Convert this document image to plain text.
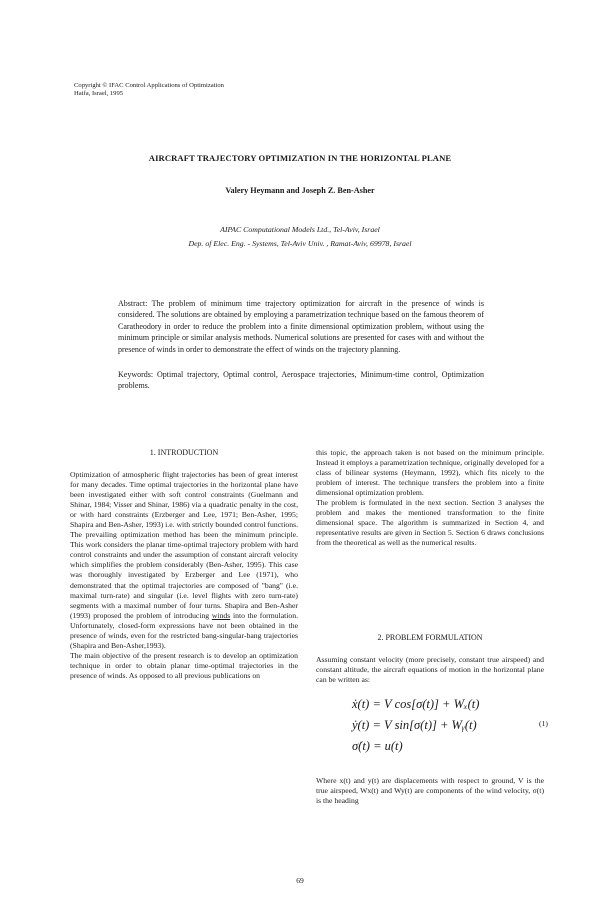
Copyright © IFAC Control Applications of Optimization
Haifa, Israel, 1995
AIRCRAFT TRAJECTORY OPTIMIZATION IN THE HORIZONTAL PLANE
Valery Heymann and Joseph Z. Ben-Asher
AIPAC Computational Models Ltd., Tel-Aviv, Israel
Dep. of Elec. Eng. - Systems, Tel-Aviv Univ. , Ramat-Aviv, 69978, Israel
Abstract: The problem of minimum time trajectory optimization for aircraft in the presence of winds is considered. The solutions are obtained by employing a parametrization technique based on the famous theorem of Caratheodory in order to reduce the problem into a finite dimensional optimization problem, without using the minimum principle or similar analysis methods. Numerical solutions are presented for cases with and without the presence of winds in order to demonstrate the effect of winds on the trajectory planning.
Keywords: Optimal trajectory, Optimal control, Aerospace trajectories, Minimum-time control, Optimization problems.
1. INTRODUCTION

Optimization of atmospheric flight trajectories has been of great interest for many decades. Time optimal trajectories in the horizontal plane have been investigated either with soft control constraints (Guelmann and Shinar, 1984; Visser and Shinar, 1986) via a quadratic penalty in the cost, or with hard constraints (Erzberger and Lee, 1971; Ben-Asher, 1995; Shapira and Ben-Asher, 1993) i.e. with strictly bounded control functions. The prevailing optimization method has been the minimum principle. This work considers the planar time-optimal trajectory problem with hard control constraints and under the assumption of constant aircraft velocity which simplifies the problem considerably (Ben-Asher, 1995). This case was thoroughly investigated by Erzberger and Lee (1971), who demonstrated that the optimal trajectories are composed of "bang" (i.e. maximal turn-rate) and singular (i.e. level flights with zero turn-rate) segments with a maximal number of four turns. Shapira and Ben-Asher (1993) proposed the problem of introducing winds into the formulation. Unfortunately, closed-form expressions have not been obtained in the presence of winds, even for the restricted bang-singular-bang trajectories (Shapira and Ben-Asher,1993).

The main objective of the present research is to develop an optimization technique in order to obtain planar time-optimal trajectories in the presence of winds. As opposed to all previous publications on

this topic, the approach taken is not based on the minimum principle. Instead it employs a parametrization technique, originally developed for a class of bilinear systems (Heymann, 1992), which fits nicely to the problem of interest. The technique transfers the problem into a finite dimensional optimization problem.

The problem is formulated in the next section. Section 3 analyses the problem and makes the mentioned transformation to the finite dimensional space. The algorithm is summarized in Section 4, and representative results are given in Section 5. Section 6 draws conclusions from the theoretical as well as the numerical results.

2. PROBLEM FORMULATION

Assuming constant velocity (more precisely, constant true airspeed) and constant altitude, the aircraft equations of motion in the horizontal plane can be written as:

ẋ(t) = V cos[σ(t)] + Wₓ(t)
ẏ(t) = V sin[σ(t)] + Wᵧ(t)
σ̇(t) = u(t)
(1)

Where x(t) and y(t) are displacements with respect to ground, V is the true airspeed, Wx(t) and Wy(t) are components of the wind velocity, σ(t) is the heading

69
